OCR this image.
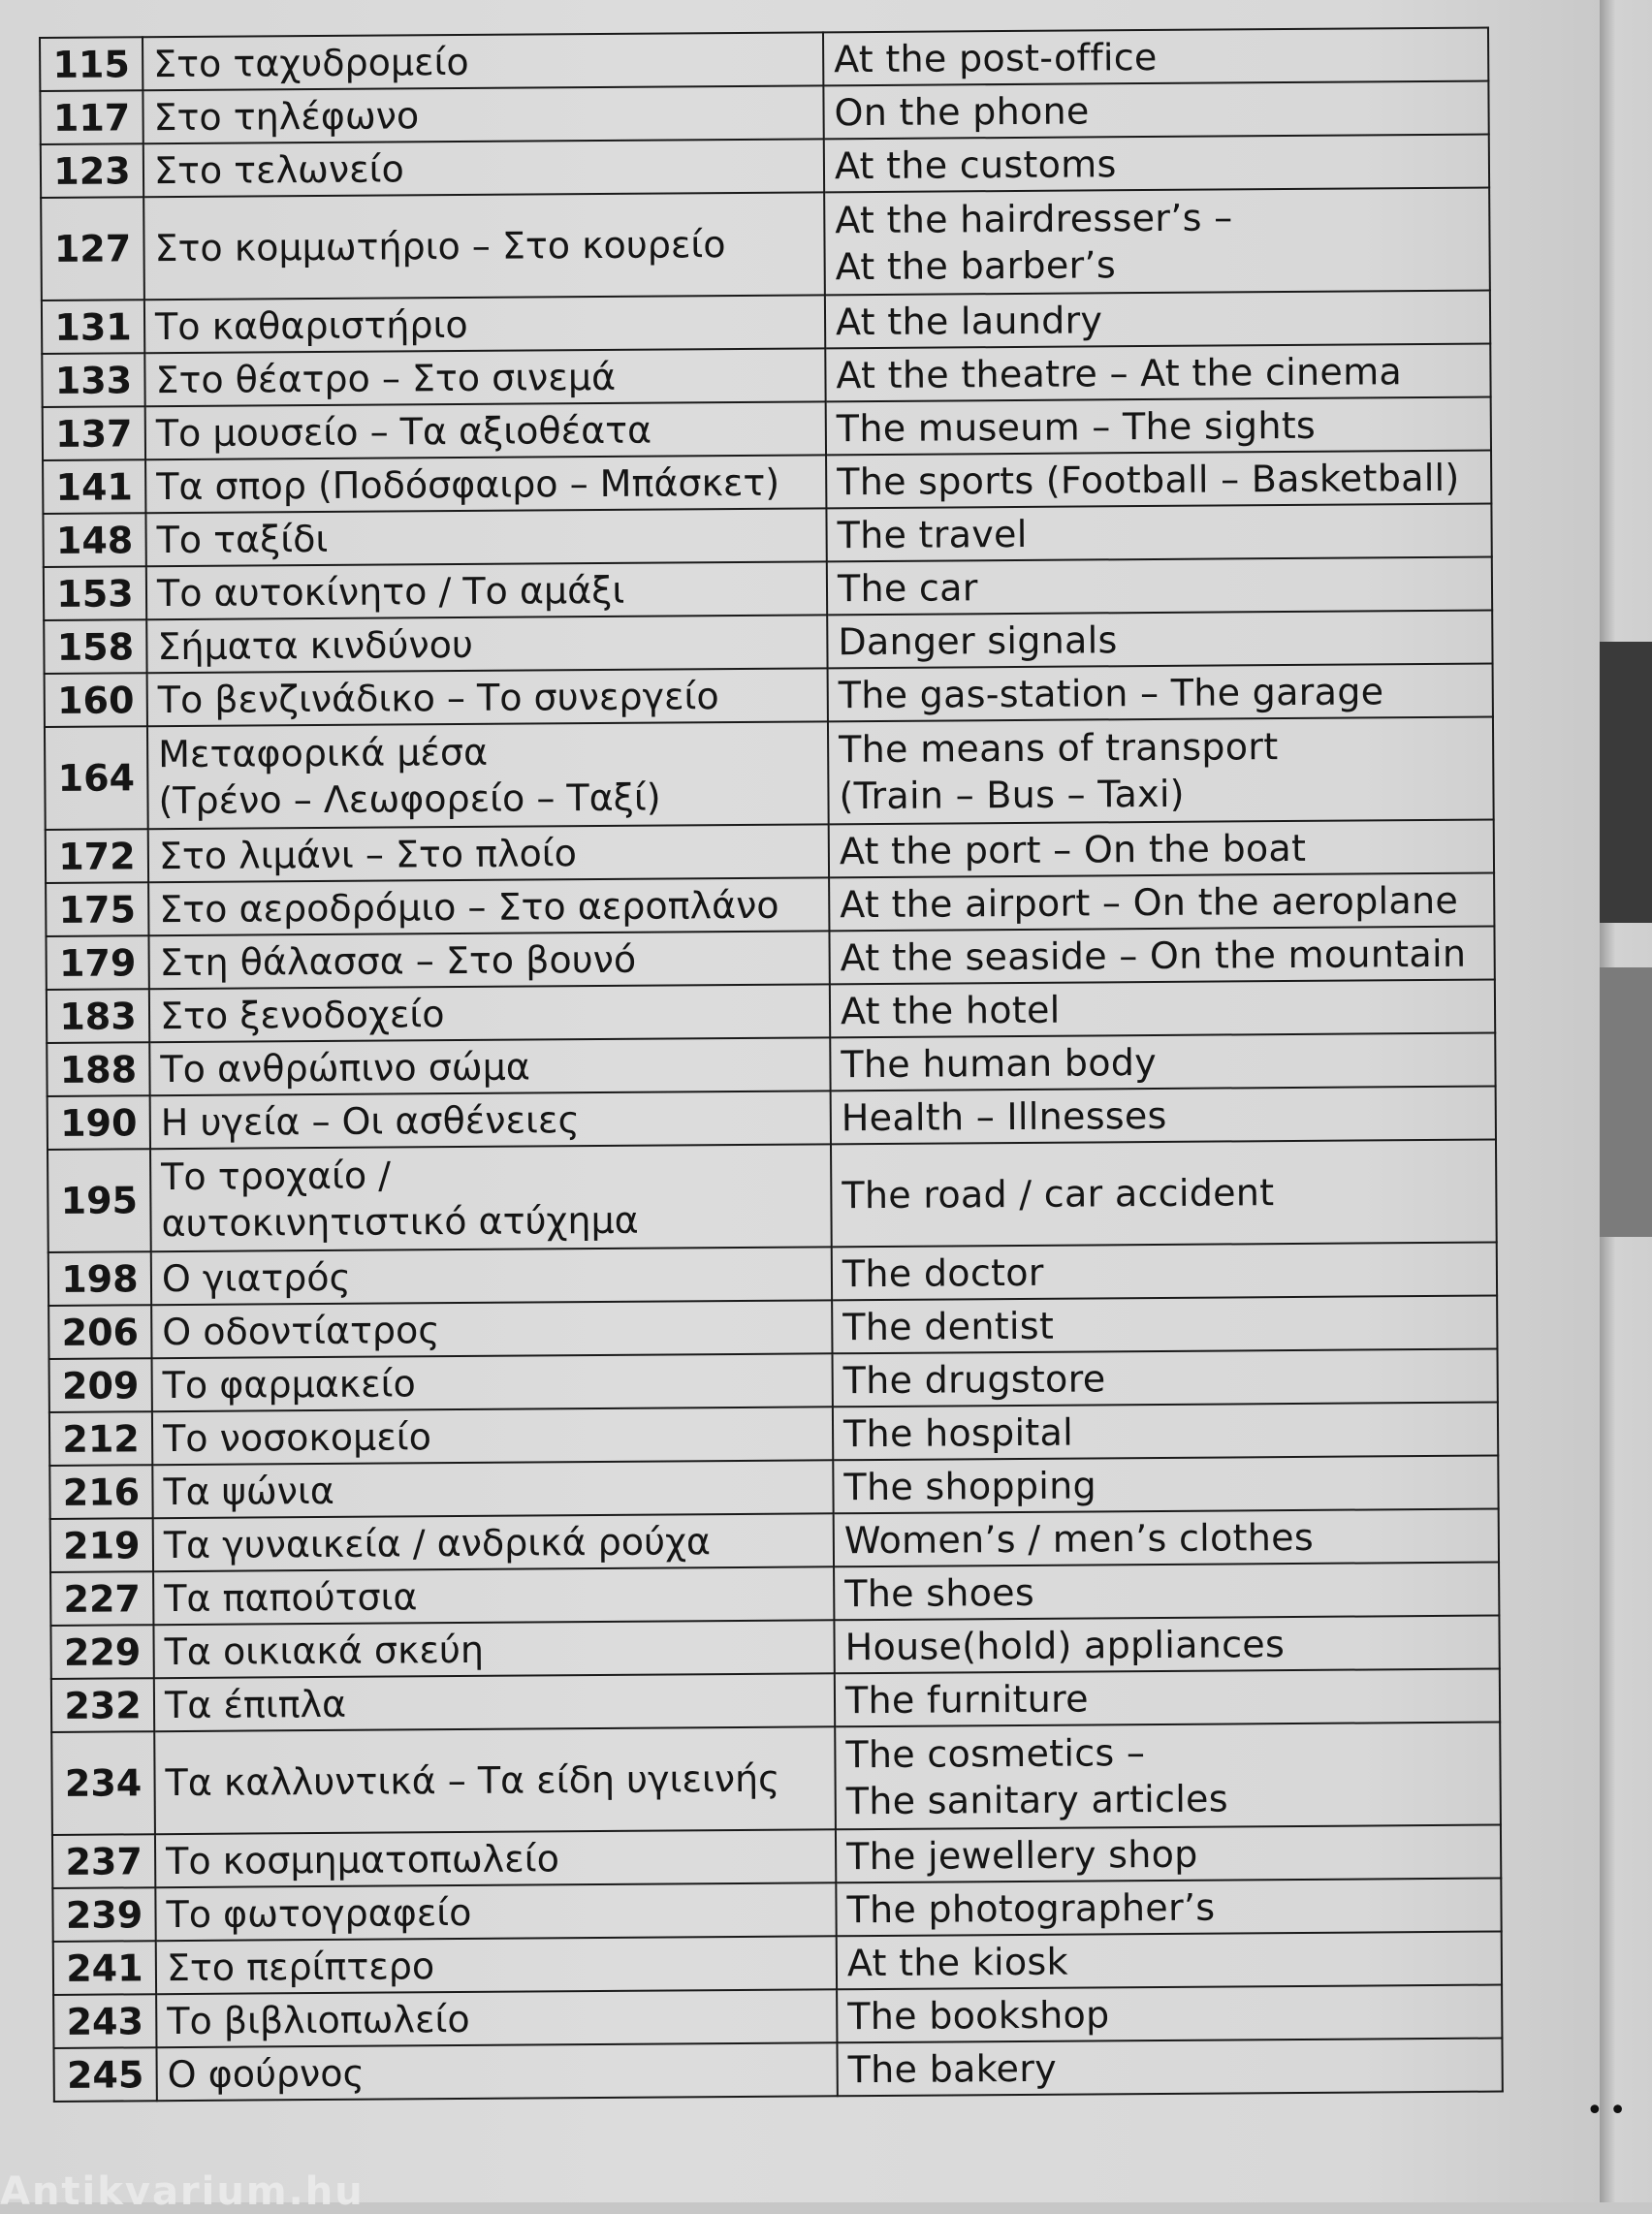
••
115	Στο ταχυδρομείο	At the post-office

117	Στο τηλέφωνο	On the phone

123	Στο τελωνείο	At the customs

127	Στο κομμωτήριο – Στο κουρείο	At the hairdresser’s –
At the barber’s

131	Το καθαριστήριο	At the laundry

133	Στο θέατρο – Στο σινεμά	At the theatre – At the cinema

137	Το μουσείο – Τα αξιοθέατα	The museum – The sights

141	Τα σπορ (Ποδόσφαιρο – Μπάσκετ)	The sports (Football – Basketball)

148	Το ταξίδι	The travel

153	Το αυτοκίνητο / Το αμάξι	The car

158	Σήματα κινδύνου	Danger signals

160	Το βενζινάδικο – Το συνεργείο	The gas-station – The garage

164	Μεταφορικά μέσα
(Τρένο – Λεωφορείο – Ταξί)	The means of transport
(Train – Bus – Taxi)

172	Στο λιμάνι – Στο πλοίο	At the port – On the boat

175	Στο αεροδρόμιο – Στο αεροπλάνο	At the airport – On the aeroplane

179	Στη θάλασσα – Στο βουνό	At the seaside – On the mountain

183	Στο ξενοδοχείο	At the hotel

188	Το ανθρώπινο σώμα	The human body

190	Η υγεία – Οι ασθένειες	Health – Illnesses

195	Το τροχαίο /
αυτοκινητιστικό ατύχημα	The road / car accident

198	Ο γιατρός	The doctor

206	Ο οδοντίατρος	The dentist

209	Το φαρμακείο	The drugstore

212	Το νοσοκομείο	The hospital

216	Τα ψώνια	The shopping

219	Τα γυναικεία / ανδρικά ρούχα	Women’s / men’s clothes

227	Τα παπούτσια	The shoes

229	Τα οικιακά σκεύη	House(hold) appliances

232	Τα έπιπλα	The furniture

234	Τα καλλυντικά – Τα είδη υγιεινής	The cosmetics –
The sanitary articles

237	Το κοσμηματοπωλείο	The jewellery shop

239	Το φωτογραφείο	The photographer’s

241	Στο περίπτερο	At the kiosk

243	Το βιβλιοπωλείο	The bookshop

245	Ο φούρνος	The bakery
Antikvarium.hu
